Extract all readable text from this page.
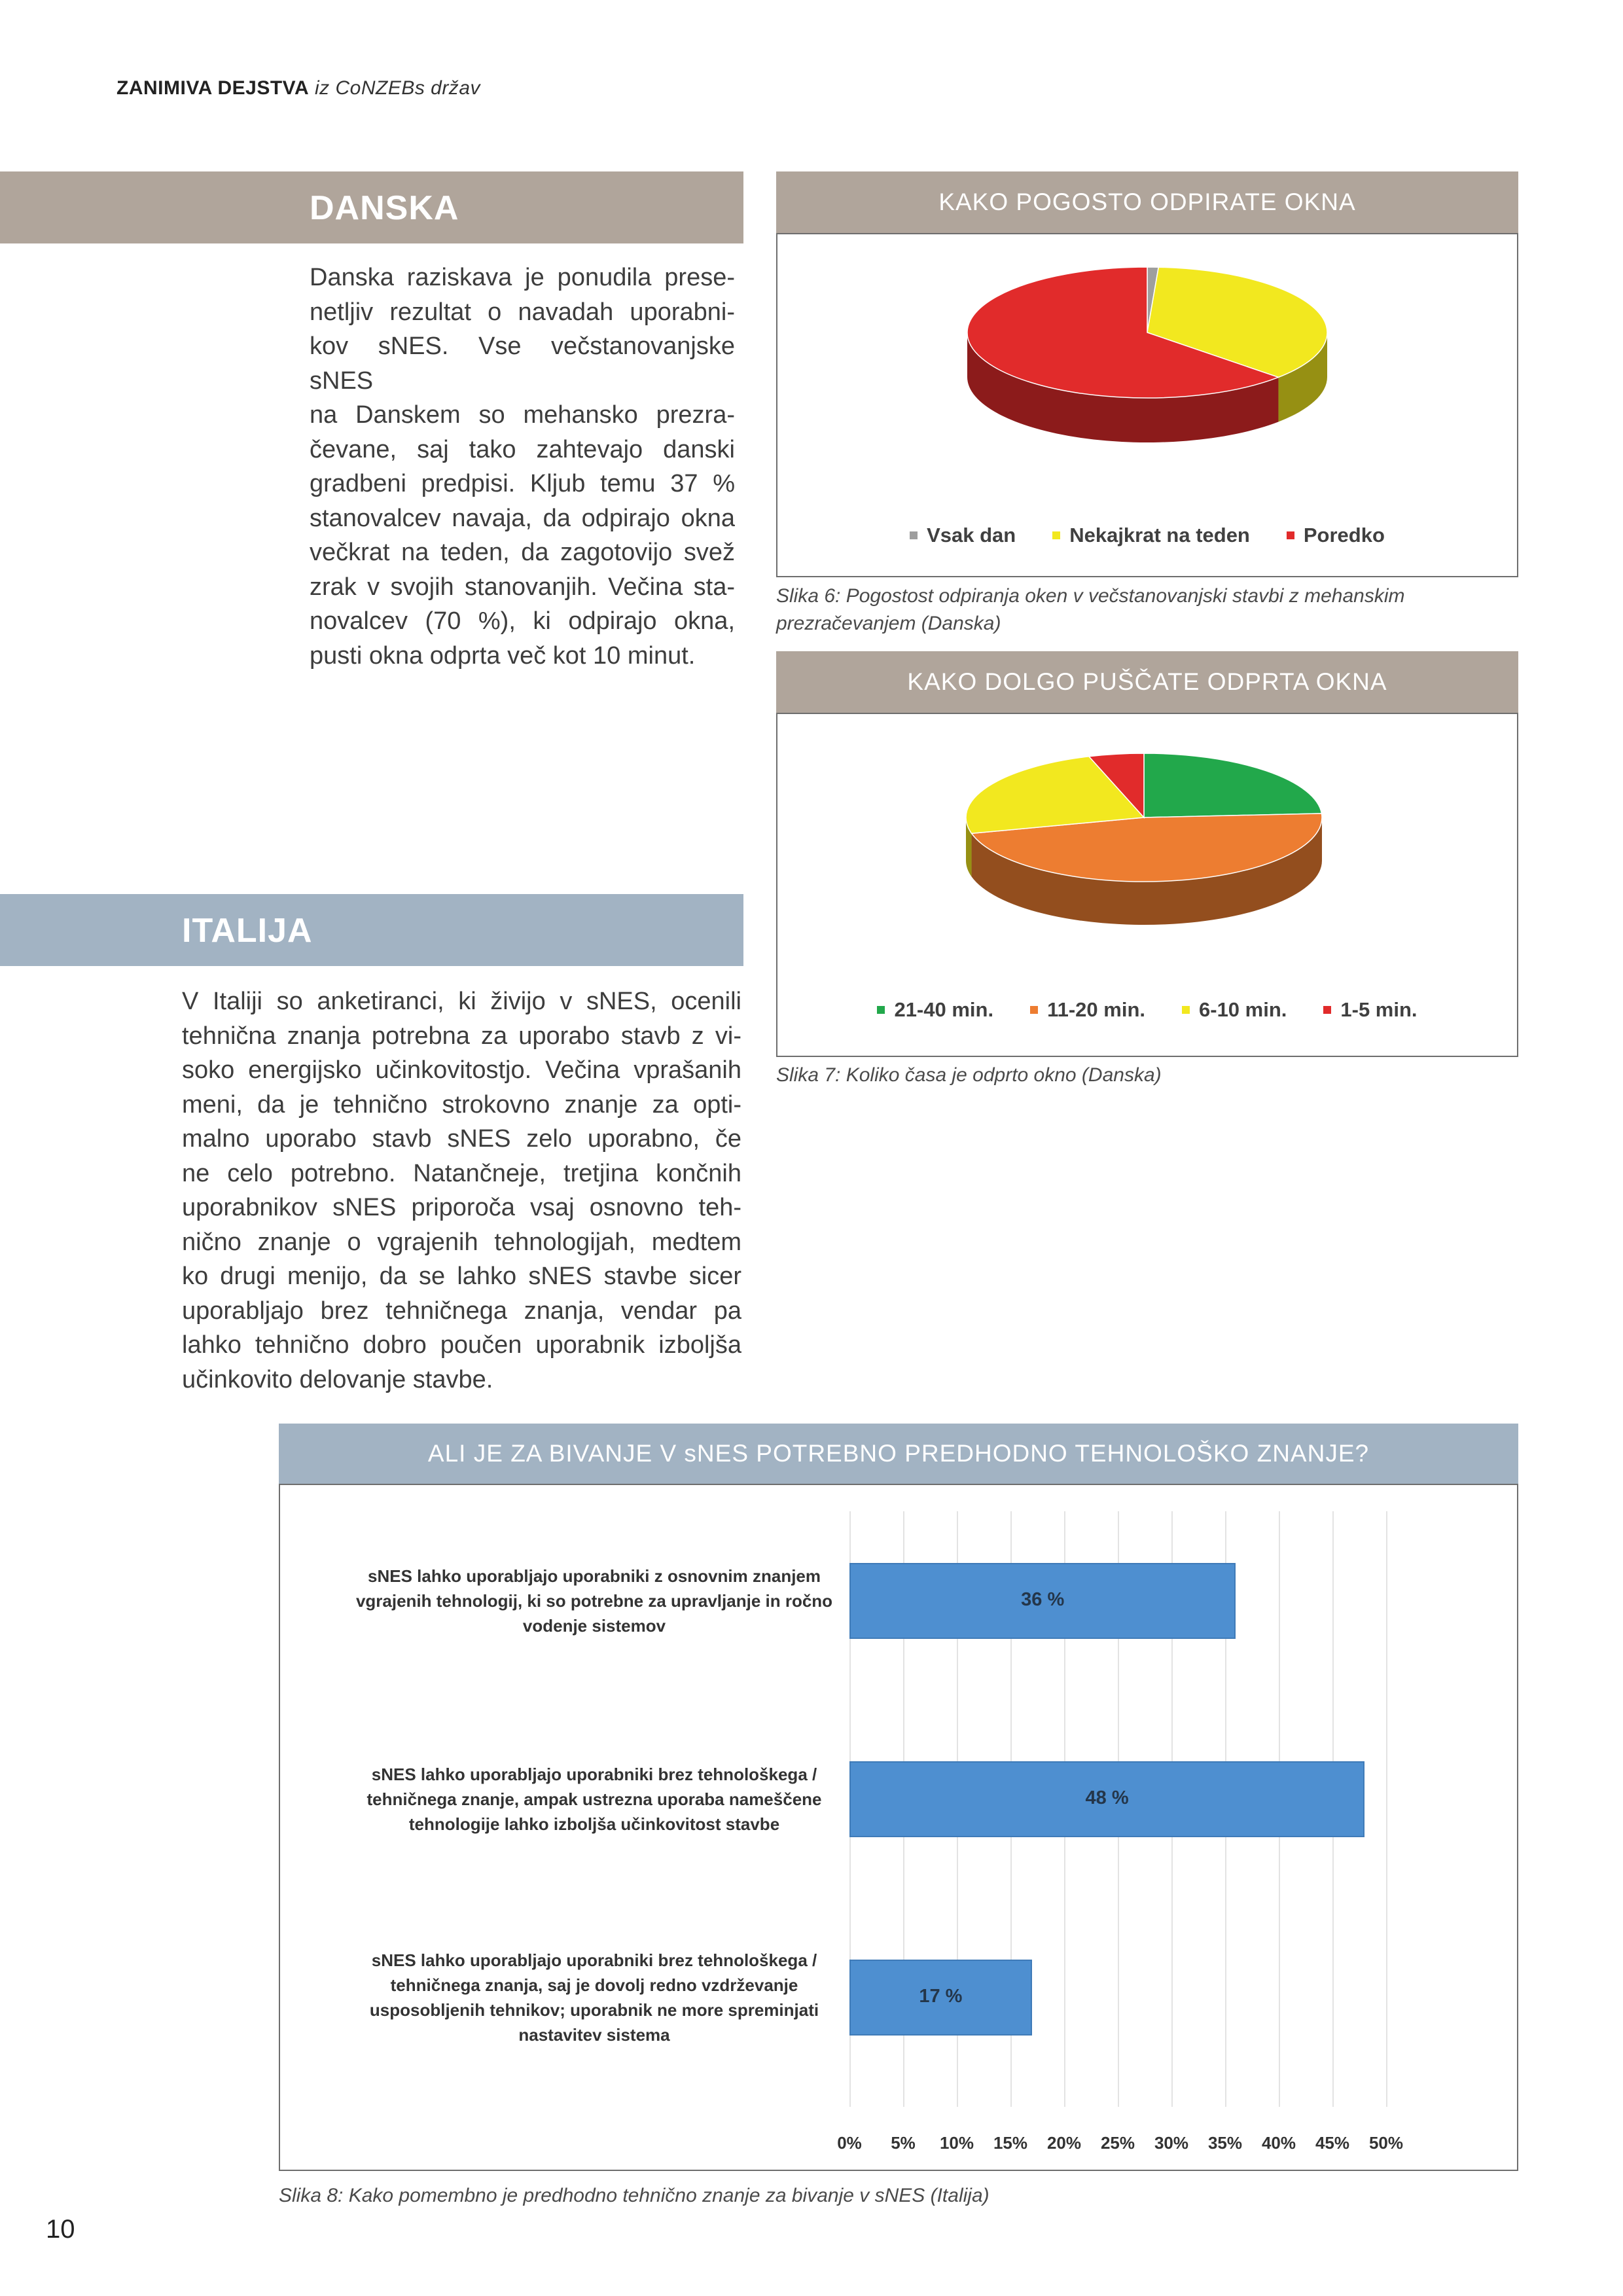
ZANIMIVA DEJSTVA iz CoNZEBs držav
DANSKA
Danska raziskava je ponudila prese-
netljiv rezultat o navadah uporabni-
kov sNES. Vse večstanovanjske sNES
na Danskem so mehansko prezra-
čevane, saj tako zahtevajo danski
gradbeni predpisi. Kljub temu 37 %
stanovalcev navaja, da odpirajo okna
večkrat na teden, da zagotovijo svež
zrak v svojih stanovanjih. Večina sta-
novalcev (70 %), ki odpirajo okna,
pusti okna odprta več kot 10 minut.
KAKO POGOSTO ODPIRATE OKNA
Vsak dan	Nekajkrat na teden	Poredko
Slika 6: Pogostost odpiranja oken v večstanovanjski stavbi z mehanskim
prezračevanjem (Danska)
KAKO DOLGO PUŠČATE ODPRTA OKNA
21-40 min.	11-20 min.	6-10 min.	1-5 min.
Slika 7: Koliko časa je odprto okno (Danska)
ITALIJA
V Italiji so anketiranci, ki živijo v sNES, ocenili
tehnična znanja potrebna za uporabo stavb z vi-
soko energijsko učinkovitostjo. Večina vprašanih
meni, da je tehnično strokovno znanje za opti-
malno uporabo stavb sNES zelo uporabno, če
ne celo potrebno. Natančneje, tretjina končnih
uporabnikov sNES priporoča vsaj osnovno teh-
nično znanje o vgrajenih tehnologijah, medtem
ko drugi menijo, da se lahko sNES stavbe sicer
uporabljajo brez tehničnega znanja, vendar pa
lahko tehnično dobro poučen uporabnik izboljša
učinkovito delovanje stavbe.
ALI JE ZA BIVANJE V sNES POTREBNO PREDHODNO TEHNOLOŠKO ZNANJE?
36 %
48 %
17 %
sNES lahko uporabljajo uporabniki z osnovnim znanjem
vgrajenih tehnologij, ki so potrebne za upravljanje in ročno
vodenje sistemov
sNES lahko uporabljajo uporabniki brez tehnološkega /
tehničnega znanje, ampak ustrezna uporaba nameščene
tehnologije lahko izboljša učinkovitost stavbe
sNES lahko uporabljajo uporabniki brez tehnološkega /
tehničnega znanja, saj je dovolj redno vzdrževanje
usposobljenih tehnikov; uporabnik ne more spreminjati
nastavitev sistema
0%	5%	10%	15%	20%	25%	30%	35%	40%	45%	50%
Slika 8: Kako pomembno je predhodno tehnično znanje za bivanje v sNES (Italija)
10
